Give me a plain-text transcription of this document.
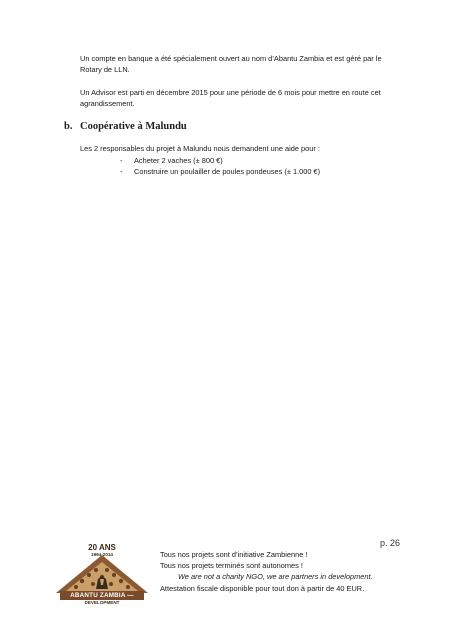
Un compte en banque a été spécialement ouvert au nom d’Abantu Zambia et est géré par le Rotary de LLN.

Un Advisor est parti en décembre 2015 pour une période de 6 mois pour mettre en route cet agrandissement.

b. Coopérative à Malundu

Les 2 responsables du projet à Malundu nous demandent une aide pour :

- Acheter 2 vaches (± 800 €)
- Construire un poulailler de poules pondeuses (± 1.000 €)
20 ANS
1994-2014
ABANTU ZAMBIA —
DEVELOPMENT
p. 26
Tous nos projets sont d’initiative Zambienne !
Tous nos projets terminés sont autonomes !
We are not a charity NGO, we are partners in development.
Attestation fiscale disponible pour tout don à partir de 40 EUR.
